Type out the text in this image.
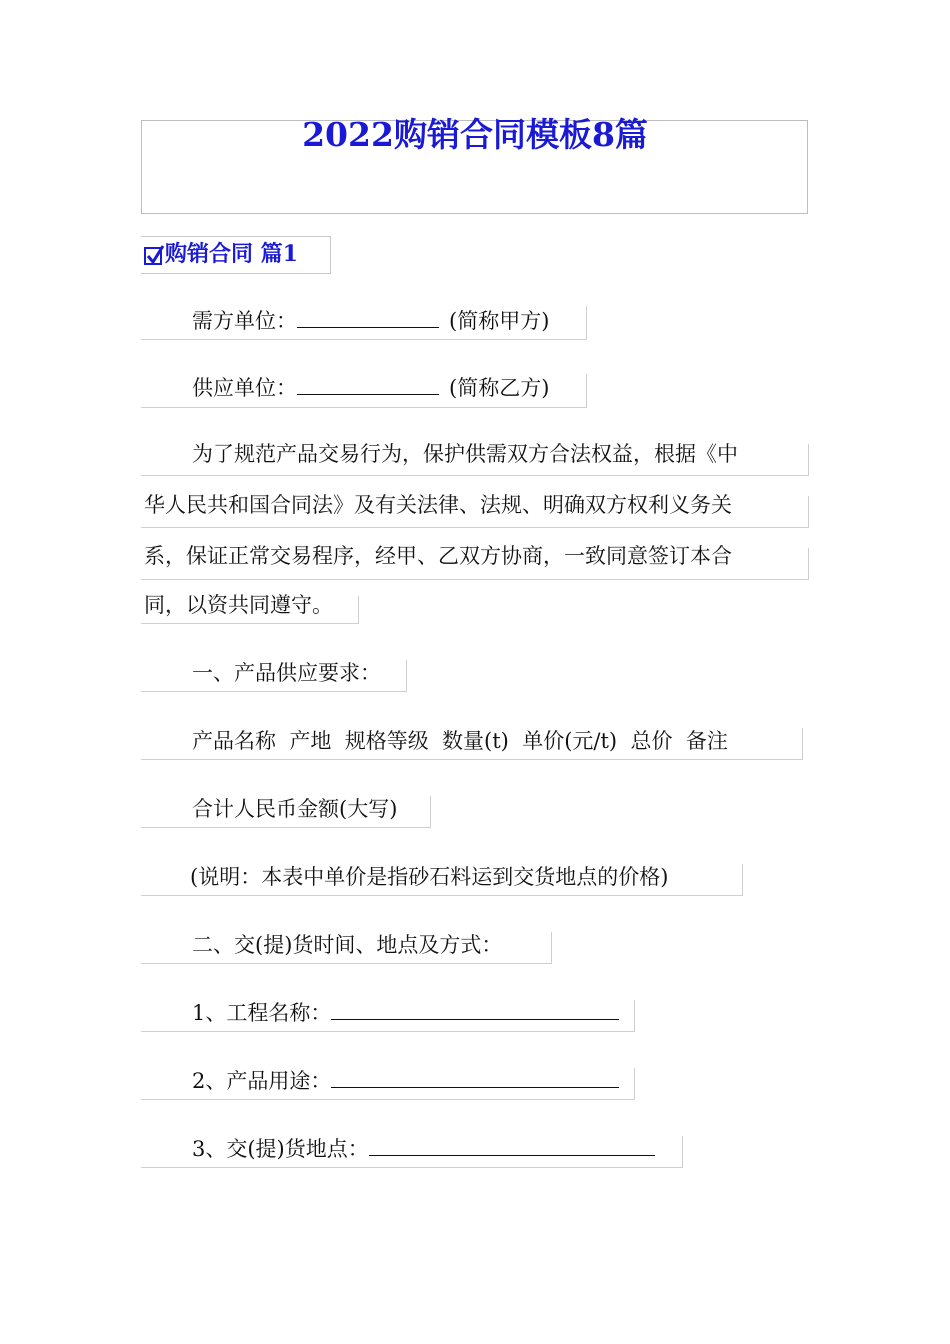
2022购销合同模板8篇
购销合同 篇1
需方单位：	(简称甲方)
供应单位：	(简称乙方)
为了规范产品交易行为，保护供需双方合法权益，根据《中
华人民共和国合同法》及有关法律、法规、明确双方权利义务关
系，保证正常交易程序，经甲、乙双方协商，一致同意签订本合
同，以资共同遵守。
一、产品供应要求：
产品名称  产地  规格等级  数量(t)  单价(元/t)  总价  备注
合计人民币金额(大写)
(说明：本表中单价是指砂石料运到交货地点的价格)
二、交(提)货时间、地点及方式：
1、工程名称：
2、产品用途：
3、交(提)货地点：
